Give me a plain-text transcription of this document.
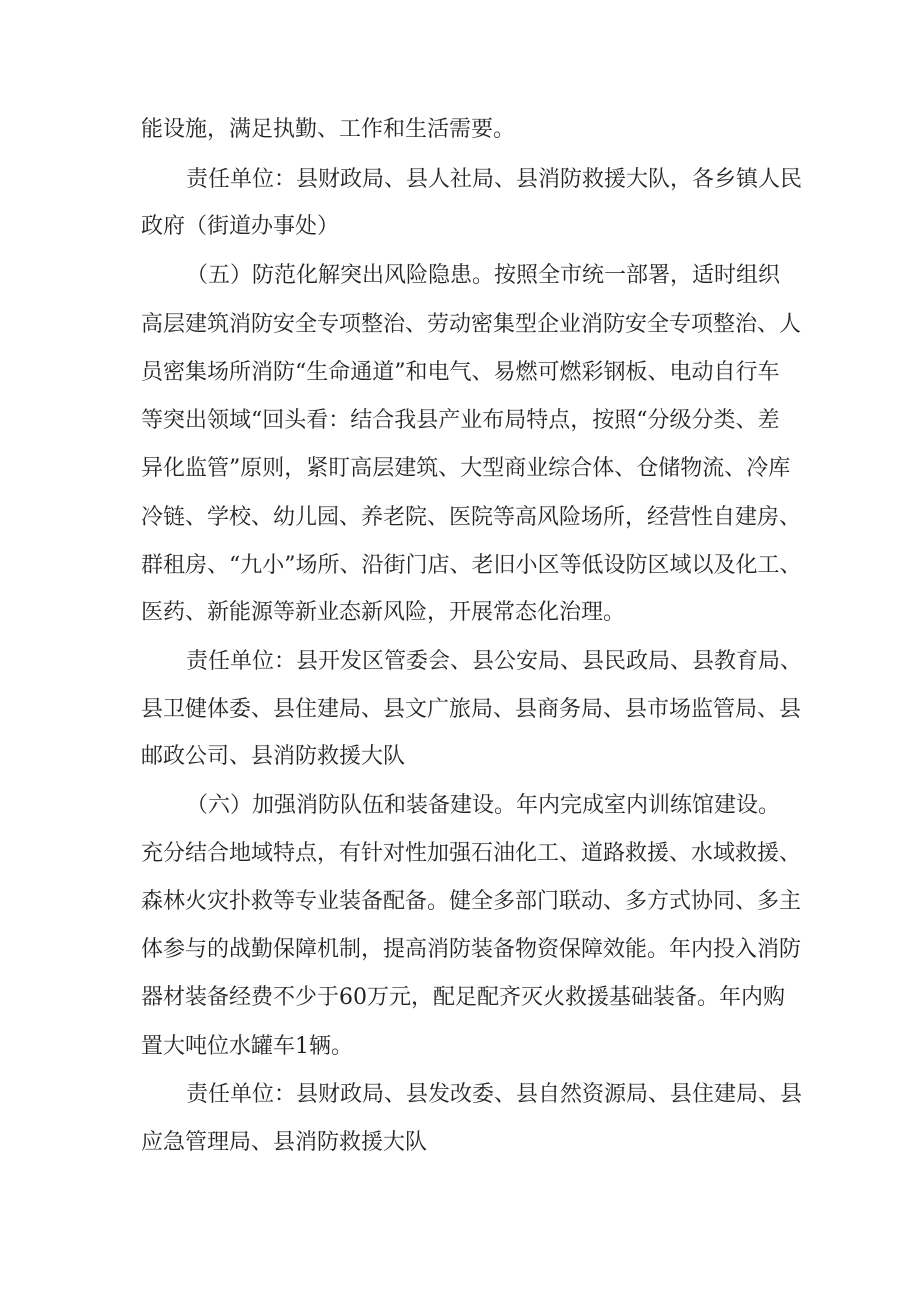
能设施，满足执勤、工作和生活需要。
责任单位：县财政局、县人社局、县消防救援大队，各乡镇人民
政府（街道办事处）
（五）防范化解突出风险隐患。按照全市统一部署，适时组织
高层建筑消防安全专项整治、劳动密集型企业消防安全专项整治、人
员密集场所消防“生命通道”和电气、易燃可燃彩钢板、电动自行车
等突出领域“回头看：结合我县产业布局特点，按照“分级分类、差
异化监管”原则，紧盯高层建筑、大型商业综合体、仓储物流、冷库
冷链、学校、幼儿园、养老院、医院等高风险场所，经营性自建房、
群租房、“九小”场所、沿街门店、老旧小区等低设防区域以及化工、
医药、新能源等新业态新风险，开展常态化治理。
责任单位：县开发区管委会、县公安局、县民政局、县教育局、
县卫健体委、县住建局、县文广旅局、县商务局、县市场监管局、县
邮政公司、县消防救援大队
（六）加强消防队伍和装备建设。年内完成室内训练馆建设。
充分结合地域特点，有针对性加强石油化工、道路救援、水域救援、
森林火灾扑救等专业装备配备。健全多部门联动、多方式协同、多主
体参与的战勤保障机制，提高消防装备物资保障效能。年内投入消防
器材装备经费不少于60万元，配足配齐灭火救援基础装备。年内购
置大吨位水罐车1辆。
责任单位：县财政局、县发改委、县自然资源局、县住建局、县
应急管理局、县消防救援大队
